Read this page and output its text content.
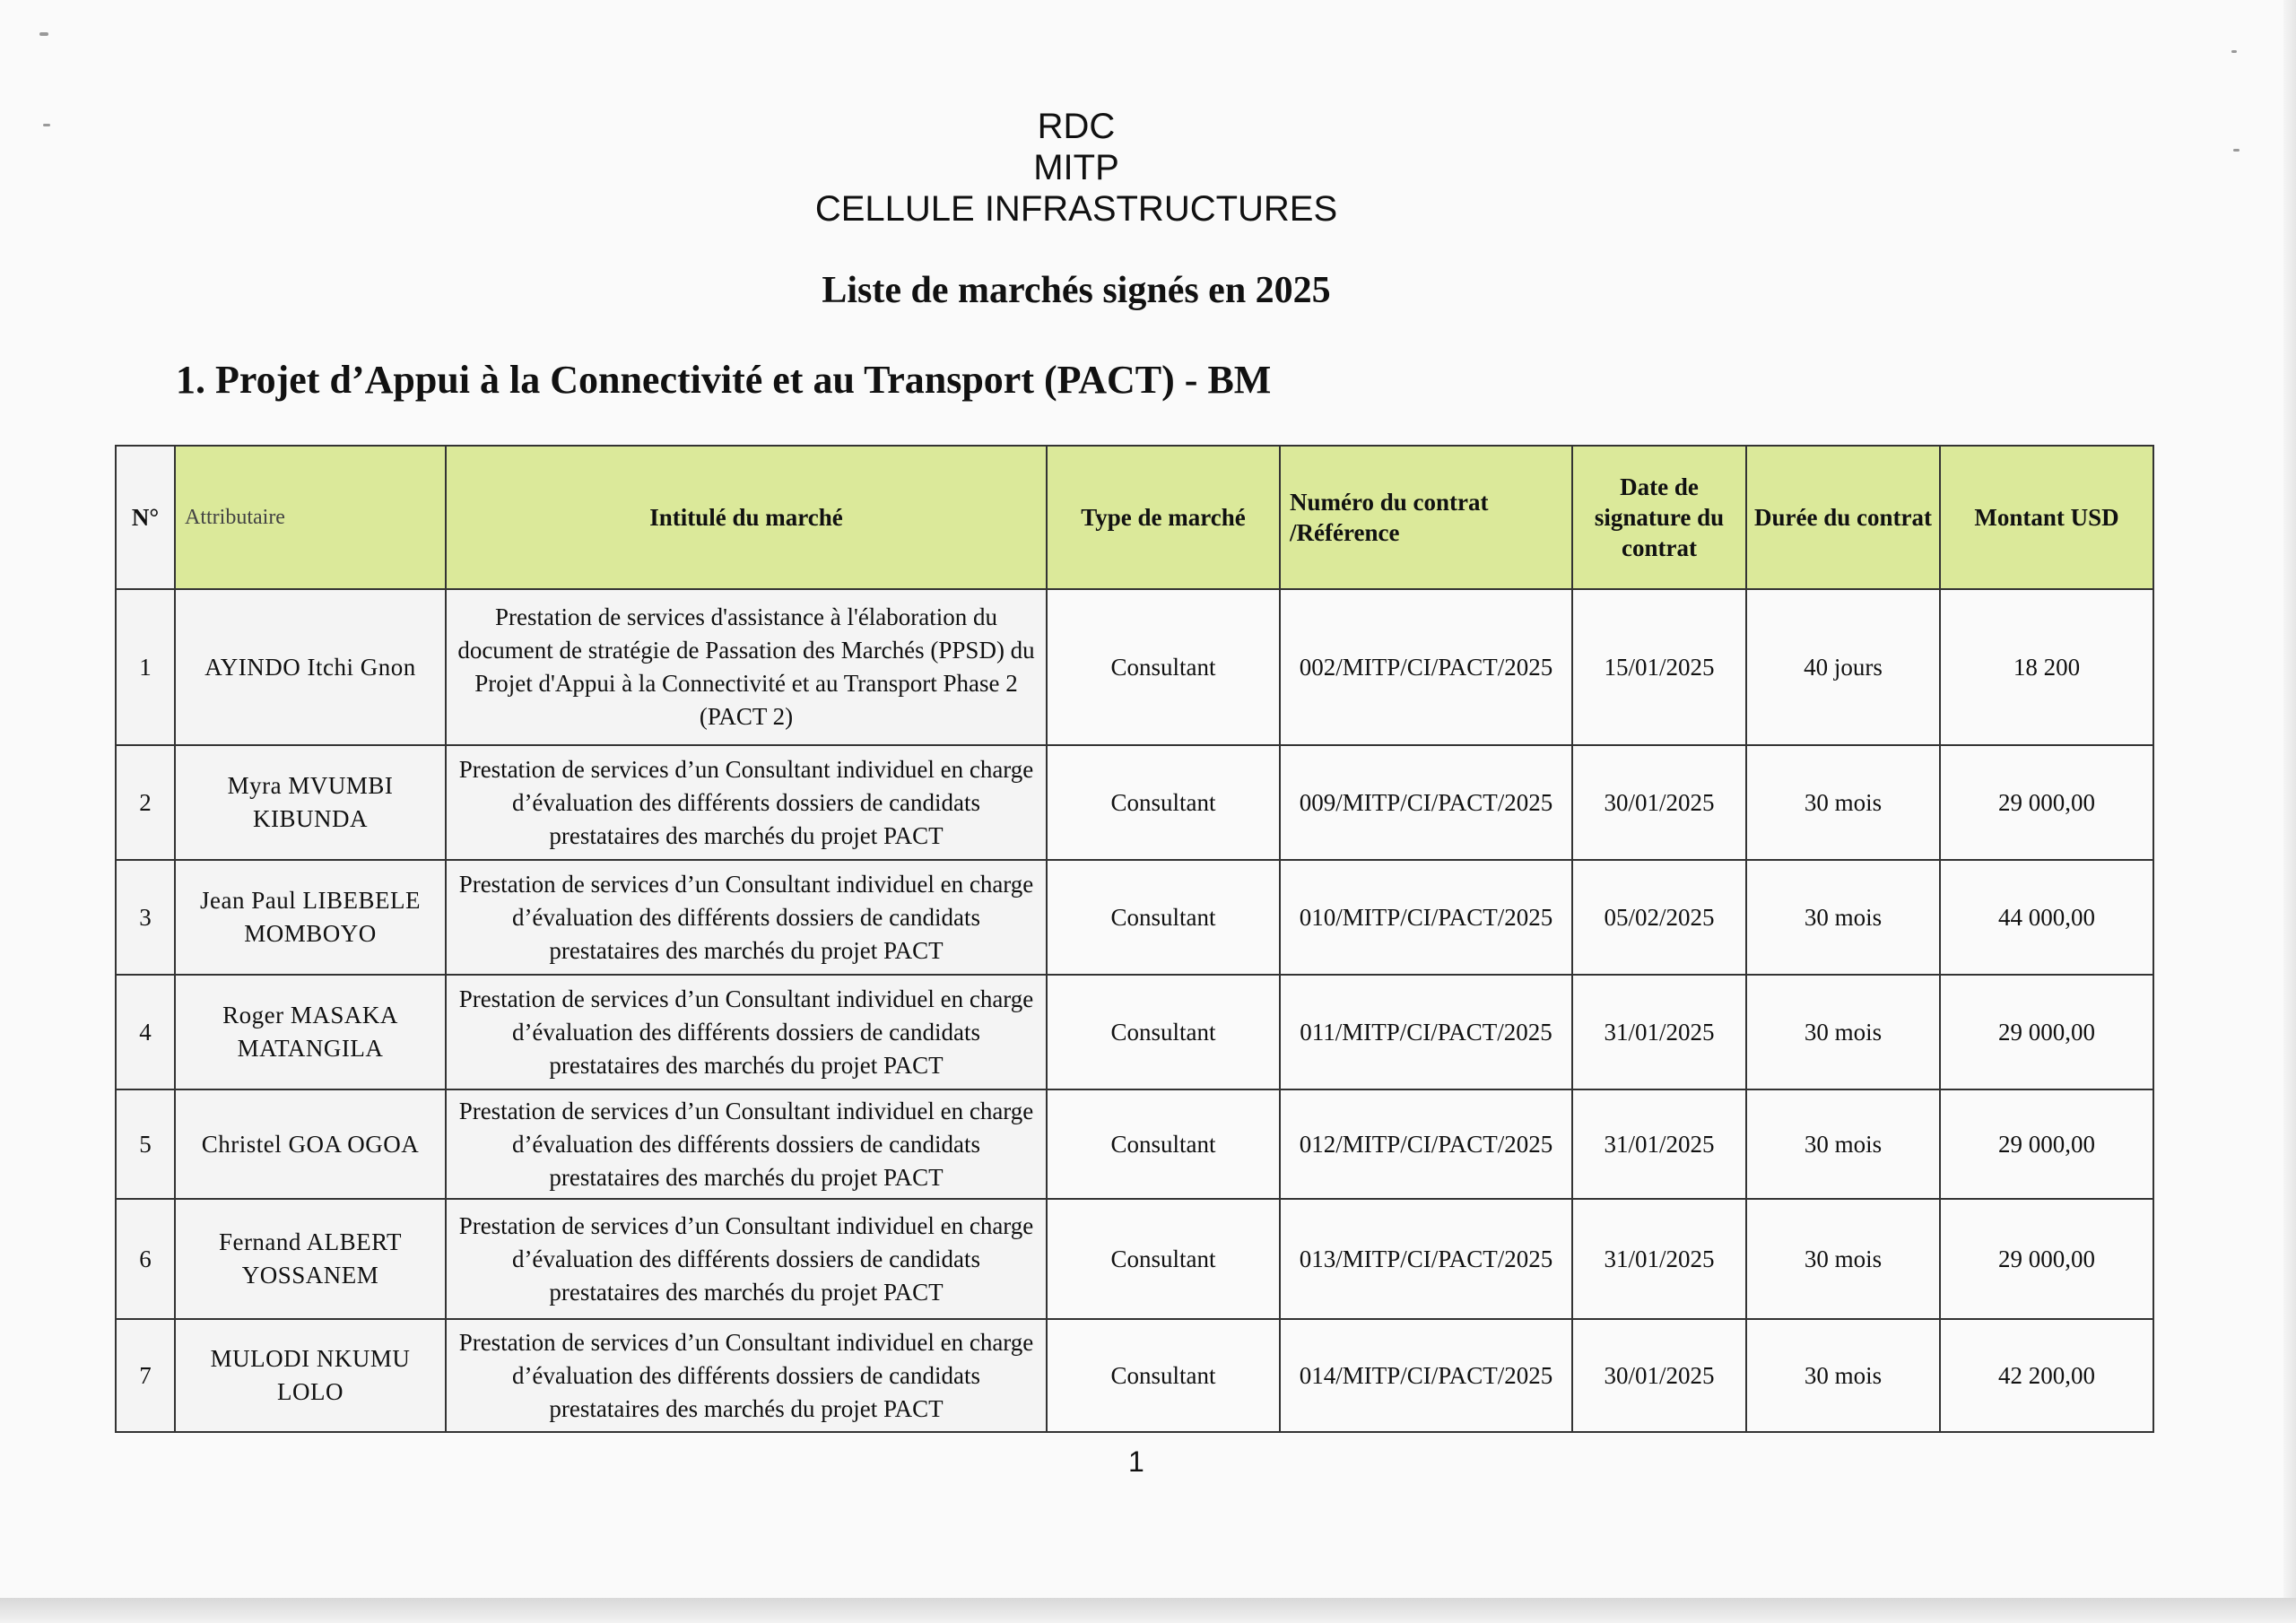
RDC
MITP
CELLULE INFRASTRUCTURES
Liste de marchés signés en 2025
1. Projet d’Appui à la Connectivité et au Transport (PACT) - BM
N°	Attributaire	Intitulé du marché	Type de marché	Numéro du contrat /Référence	Date de signature du contrat	Durée du contrat	Montant USD
1	AYINDO Itchi Gnon	Prestation de services d'assistance à l'élaboration du document de stratégie de Passation des Marchés (PPSD) du Projet d'Appui à la Connectivité et au Transport Phase 2 (PACT 2)	Consultant	002/MITP/CI/PACT/2025	15/01/2025	40 jours	18 200
2	Myra MVUMBI KIBUNDA	Prestation de services d’un Consultant individuel en charge d’évaluation des différents dossiers de candidats prestataires des marchés du projet PACT	Consultant	009/MITP/CI/PACT/2025	30/01/2025	30 mois	29 000,00
3	Jean Paul LIBEBELE MOMBOYO	Prestation de services d’un Consultant individuel en charge d’évaluation des différents dossiers de candidats prestataires des marchés du projet PACT	Consultant	010/MITP/CI/PACT/2025	05/02/2025	30 mois	44 000,00
4	Roger MASAKA MATANGILA	Prestation de services d’un Consultant individuel en charge d’évaluation des différents dossiers de candidats prestataires des marchés du projet PACT	Consultant	011/MITP/CI/PACT/2025	31/01/2025	30 mois	29 000,00
5	Christel GOA OGOA	Prestation de services d’un Consultant individuel en charge d’évaluation des différents dossiers de candidats prestataires des marchés du projet PACT	Consultant	012/MITP/CI/PACT/2025	31/01/2025	30 mois	29 000,00
6	Fernand ALBERT YOSSANEM	Prestation de services d’un Consultant individuel en charge d’évaluation des différents dossiers de candidats prestataires des marchés du projet PACT	Consultant	013/MITP/CI/PACT/2025	31/01/2025	30 mois	29 000,00
7	MULODI NKUMU LOLO	Prestation de services d’un Consultant individuel en charge d’évaluation des différents dossiers de candidats prestataires des marchés du projet PACT	Consultant	014/MITP/CI/PACT/2025	30/01/2025	30 mois	42 200,00
1
